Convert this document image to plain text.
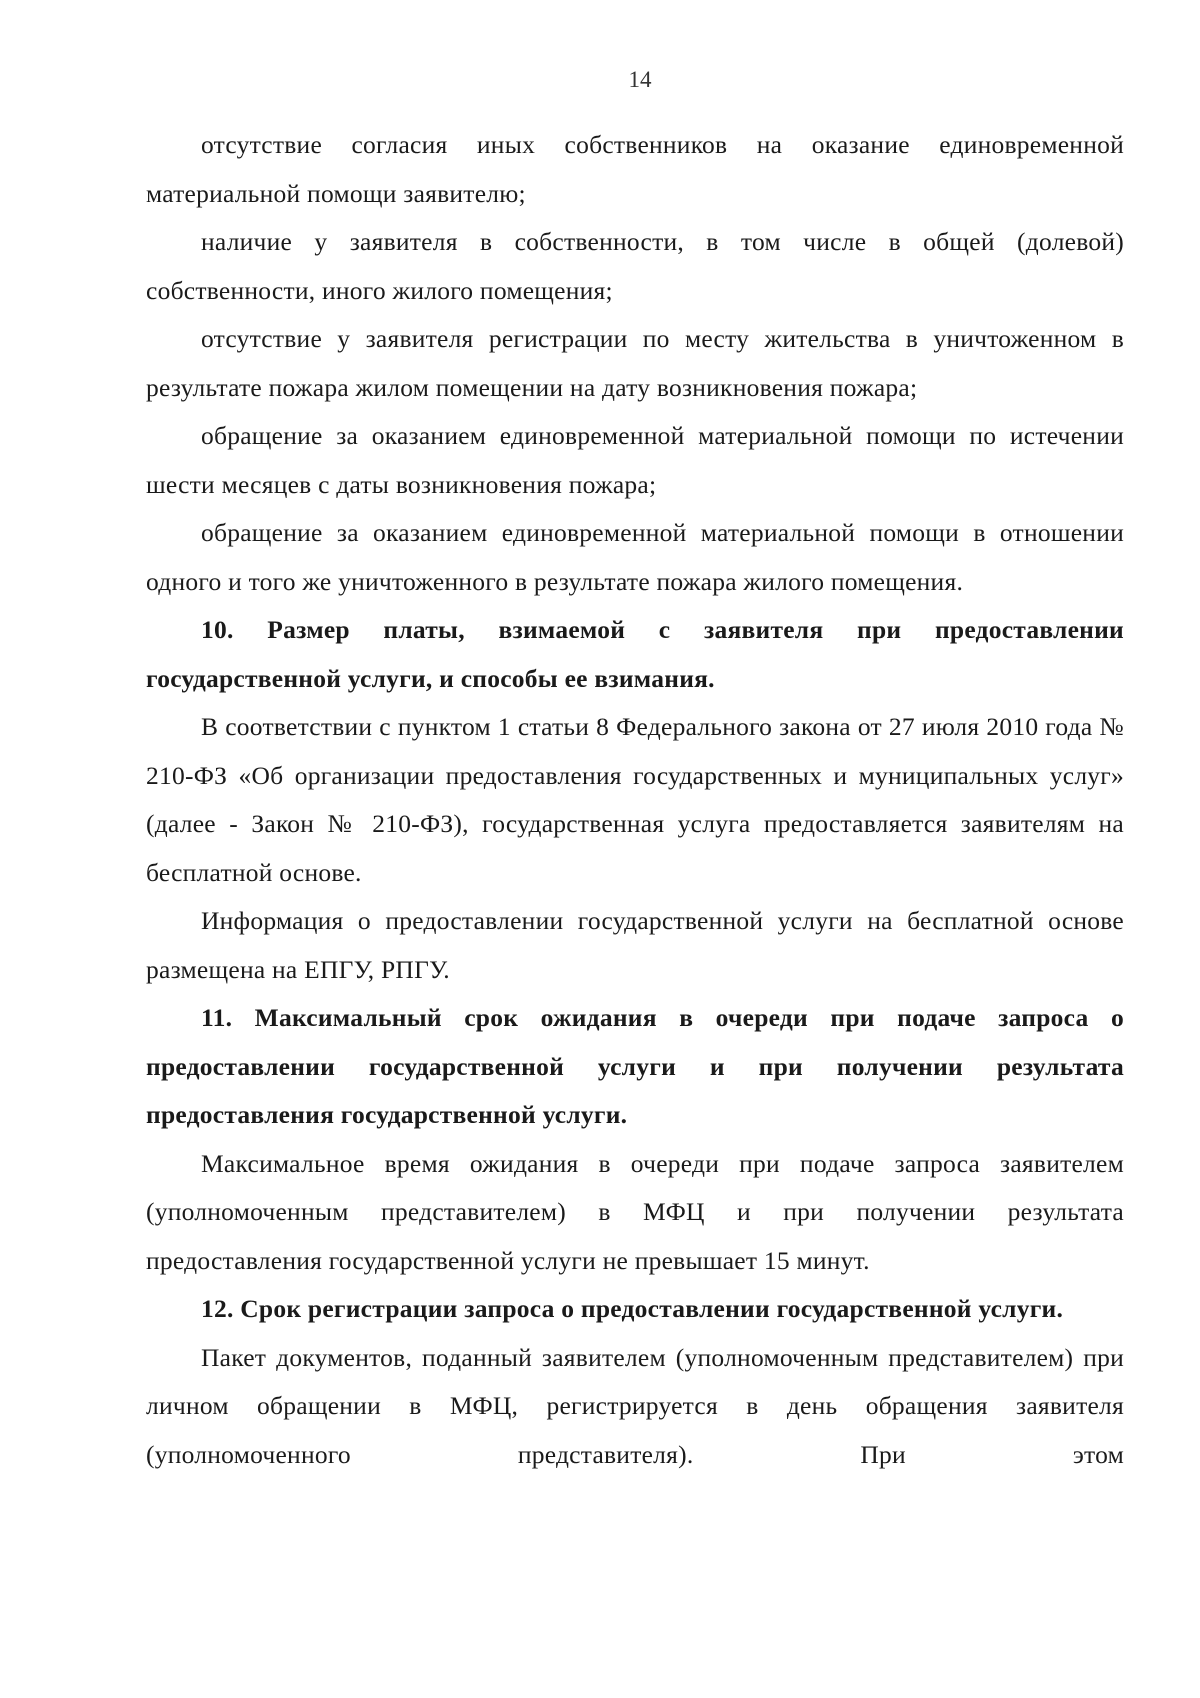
14

отсутствие согласия иных собственников на оказание единовременной материальной помощи заявителю;

наличие у заявителя в собственности, в том числе в общей (долевой) собственности, иного жилого помещения;

отсутствие у заявителя регистрации по месту жительства в уничтоженном в результате пожара жилом помещении на дату возникновения пожара;

обращение за оказанием единовременной материальной помощи по истечении шести месяцев с даты возникновения пожара;

обращение за оказанием единовременной материальной помощи в отношении одного и того же уничтоженного в результате пожара жилого помещения.

10. Размер платы, взимаемой с заявителя при предоставлении государственной услуги, и способы ее взимания.

В соответствии с пунктом 1 статьи 8 Федерального закона от 27 июля 2010 года № 210-ФЗ «Об организации предоставления государственных и муниципальных услуг» (далее - Закон № 210-ФЗ), государственная услуга предоставляется заявителям на бесплатной основе.

Информация о предоставлении государственной услуги на бесплатной основе размещена на ЕПГУ, РПГУ.

11. Максимальный срок ожидания в очереди при подаче запроса о предоставлении государственной услуги и при получении результата предоставления государственной услуги.

Максимальное время ожидания в очереди при подаче запроса заявителем (уполномоченным представителем) в МФЦ и при получении результата предоставления государственной услуги не превышает 15 минут.

12. Срок регистрации запроса о предоставлении государственной услуги.

Пакет документов, поданный заявителем (уполномоченным представителем) при личном обращении в МФЦ, регистрируется в день обращения заявителя (уполномоченного представителя). При этом
